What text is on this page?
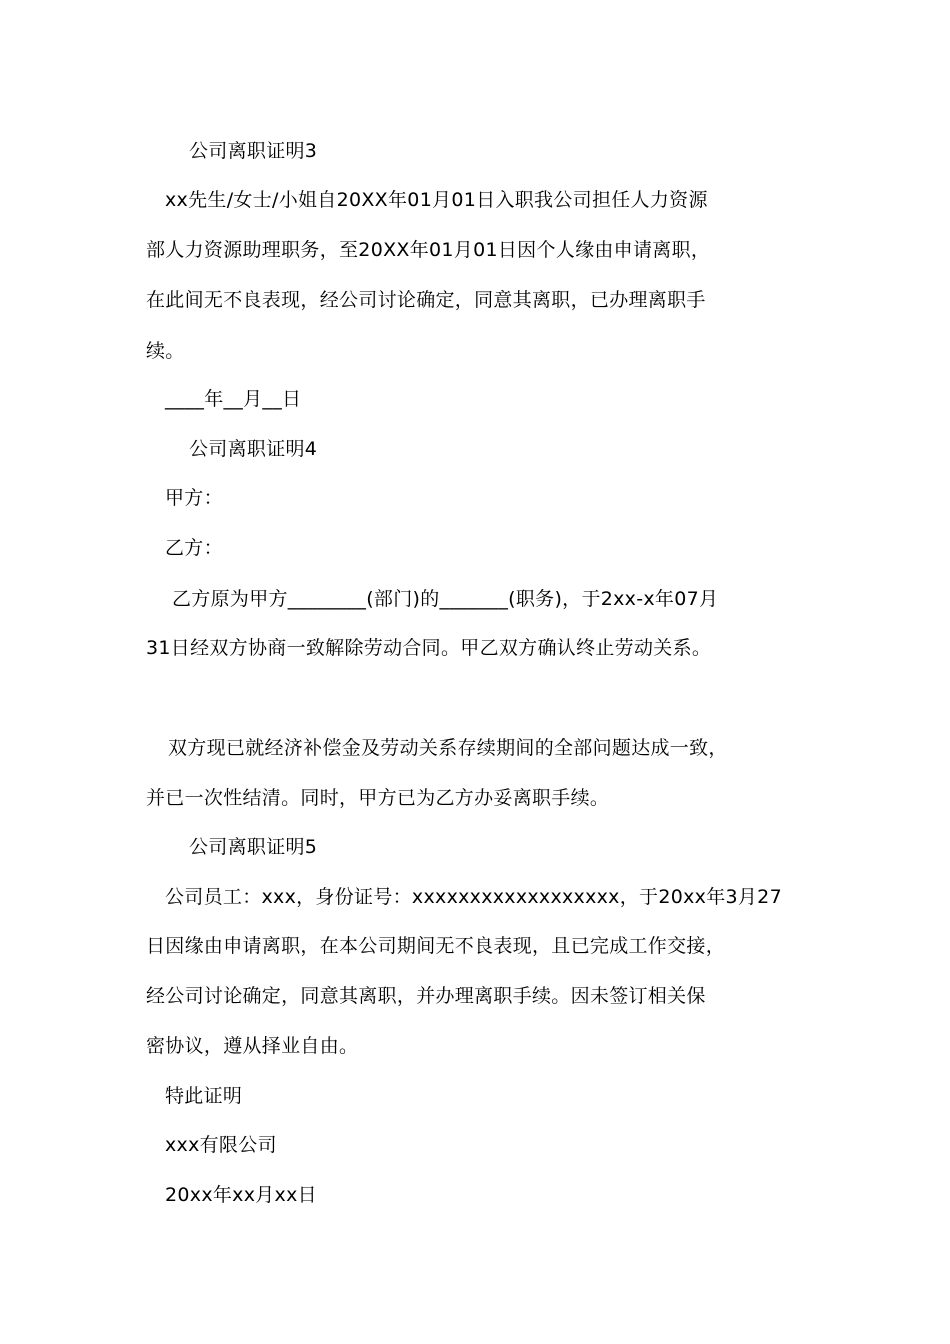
公司离职证明3
xx先生/女士/小姐自20XX年01月01日入职我公司担任人力资源
部人力资源助理职务，至20XX年01月01日因个人缘由申请离职，
在此间无不良表现，经公司讨论确定，同意其离职，已办理离职手
续。
____年__月__日
公司离职证明4
甲方：
乙方：
乙方原为甲方________(部门)的_______(职务)，于2xx-x年07月
31日经双方协商一致解除劳动合同。甲乙双方确认终止劳动关系。
双方现已就经济补偿金及劳动关系存续期间的全部问题达成一致，
并已一次性结清。同时，甲方已为乙方办妥离职手续。
公司离职证明5
公司员工：xxx，身份证号：xxxxxxxxxxxxxxxxxx，于20xx年3月27
日因缘由申请离职，在本公司期间无不良表现，且已完成工作交接，
经公司讨论确定，同意其离职，并办理离职手续。因未签订相关保
密协议，遵从择业自由。
特此证明
xxx有限公司
20xx年xx月xx日
